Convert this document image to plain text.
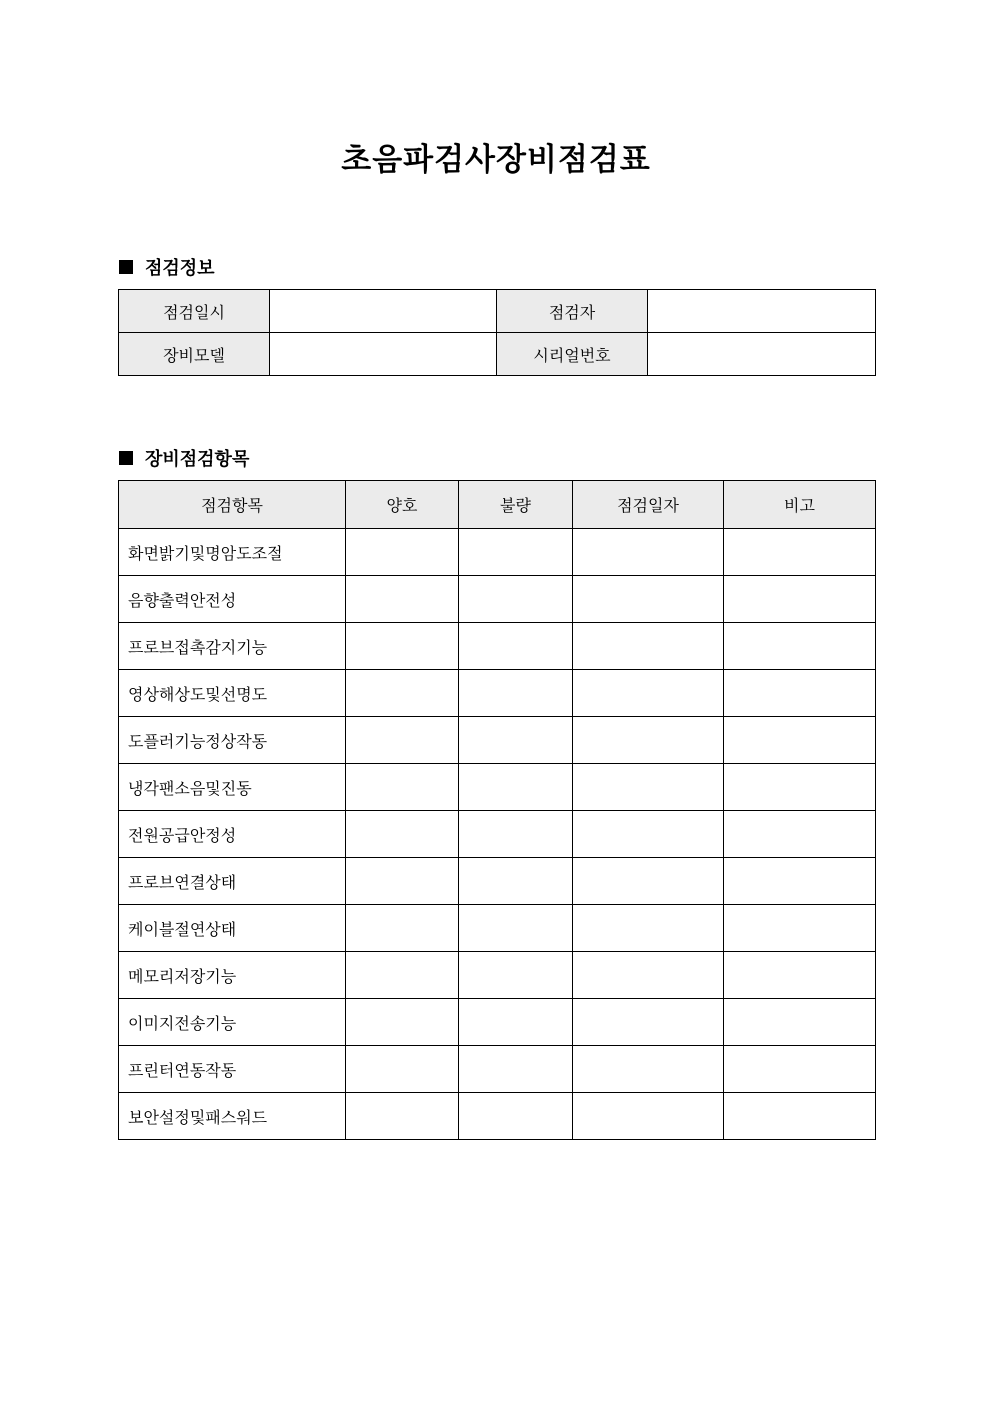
초음파검사장비점검표
점검정보
점검일시		점검자	
장비모델		시리얼번호	
장비점검항목
점검항목	양호	불량	점검일자	비고
화면밝기및명암도조절				
음향출력안전성				
프로브접촉감지기능				
영상해상도및선명도				
도플러기능정상작동				
냉각팬소음및진동				
전원공급안정성				
프로브연결상태				
케이블절연상태				
메모리저장기능				
이미지전송기능				
프린터연동작동				
보안설정및패스워드				
